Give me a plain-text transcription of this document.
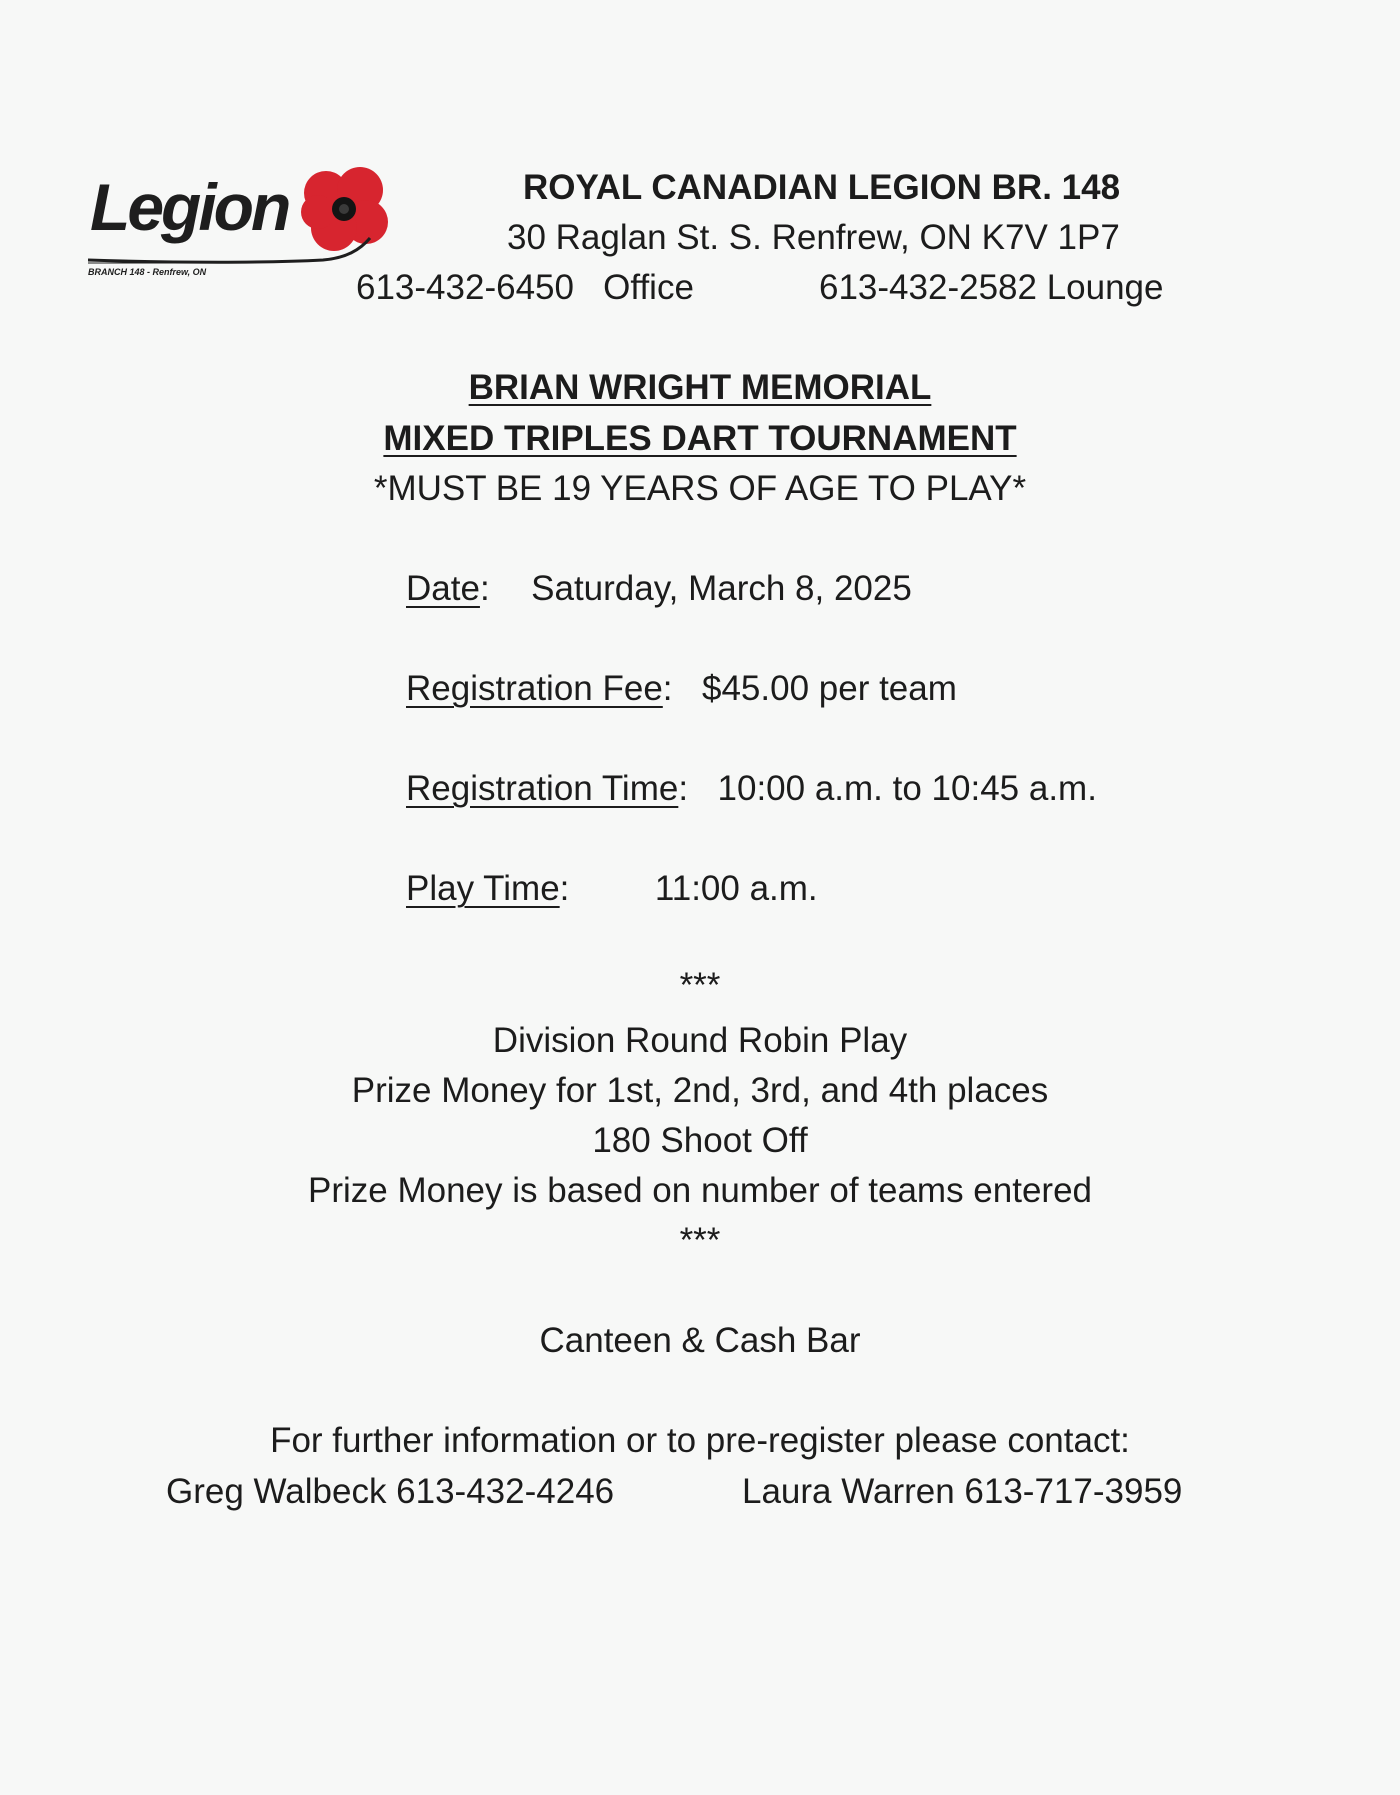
Legion
BRANCH 148 - Renfrew, ON
ROYAL CANADIAN LEGION BR. 148
30 Raglan St. S. Renfrew, ON K7V 1P7
613-432-6450   Office	613-432-2582 Lounge
BRIAN WRIGHT MEMORIAL
MIXED TRIPLES DART TOURNAMENT
*MUST BE 19 YEARS OF AGE TO PLAY*
Date: Saturday, March 8, 2025
Registration Fee: $45.00 per team
Registration Time: 10:00 a.m. to 10:45 a.m.
Play Time: 11:00 a.m.
***
Division Round Robin Play
Prize Money for 1st, 2nd, 3rd, and 4th places
180 Shoot Off
Prize Money is based on number of teams entered
***
Canteen & Cash Bar
For further information or to pre-register please contact:
Greg Walbeck 613-432-4246	Laura Warren 613-717-3959
